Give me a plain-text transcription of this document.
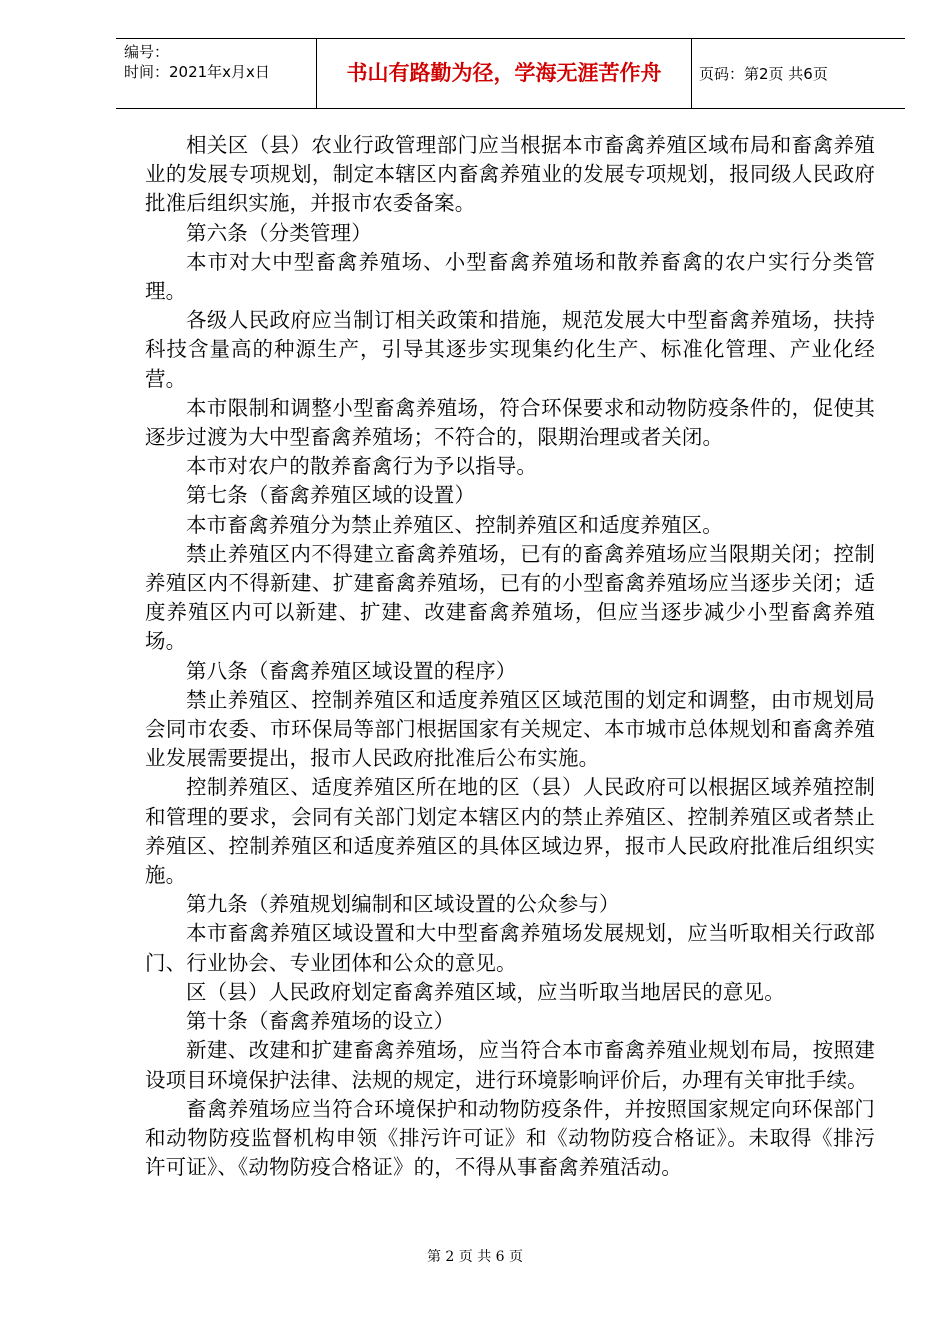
编号：
时间：2021年x月x日	书山有路勤为径，学海无涯苦作舟	页码：第2页 共6页

相关区（县）农业行政管理部门应当根据本市畜禽养殖区域布局和畜禽养殖业的发展专项规划，制定本辖区内畜禽养殖业的发展专项规划，报同级人民政府批准后组织实施，并报市农委备案。

第六条（分类管理）

本市对大中型畜禽养殖场、小型畜禽养殖场和散养畜禽的农户实行分类管理。

各级人民政府应当制订相关政策和措施，规范发展大中型畜禽养殖场，扶持科技含量高的种源生产，引导其逐步实现集约化生产、标准化管理、产业化经营。

本市限制和调整小型畜禽养殖场，符合环保要求和动物防疫条件的，促使其逐步过渡为大中型畜禽养殖场；不符合的，限期治理或者关闭。

本市对农户的散养畜禽行为予以指导。

第七条（畜禽养殖区域的设置）

本市畜禽养殖分为禁止养殖区、控制养殖区和适度养殖区。

禁止养殖区内不得建立畜禽养殖场，已有的畜禽养殖场应当限期关闭；控制养殖区内不得新建、扩建畜禽养殖场，已有的小型畜禽养殖场应当逐步关闭；适度养殖区内可以新建、扩建、改建畜禽养殖场，但应当逐步减少小型畜禽养殖场。

第八条（畜禽养殖区域设置的程序）

禁止养殖区、控制养殖区和适度养殖区区域范围的划定和调整，由市规划局会同市农委、市环保局等部门根据国家有关规定、本市城市总体规划和畜禽养殖业发展需要提出，报市人民政府批准后公布实施。

控制养殖区、适度养殖区所在地的区（县）人民政府可以根据区域养殖控制和管理的要求，会同有关部门划定本辖区内的禁止养殖区、控制养殖区或者禁止养殖区、控制养殖区和适度养殖区的具体区域边界，报市人民政府批准后组织实施。

第九条（养殖规划编制和区域设置的公众参与）

本市畜禽养殖区域设置和大中型畜禽养殖场发展规划，应当听取相关行政部门、行业协会、专业团体和公众的意见。

区（县）人民政府划定畜禽养殖区域，应当听取当地居民的意见。

第十条（畜禽养殖场的设立）

新建、改建和扩建畜禽养殖场，应当符合本市畜禽养殖业规划布局，按照建设项目环境保护法律、法规的规定，进行环境影响评价后，办理有关审批手续。

畜禽养殖场应当符合环境保护和动物防疫条件，并按照国家规定向环保部门和动物防疫监督机构申领《排污许可证》和《动物防疫合格证》。未取得《排污许可证》、《动物防疫合格证》的，不得从事畜禽养殖活动。

第 2 页 共 6 页
